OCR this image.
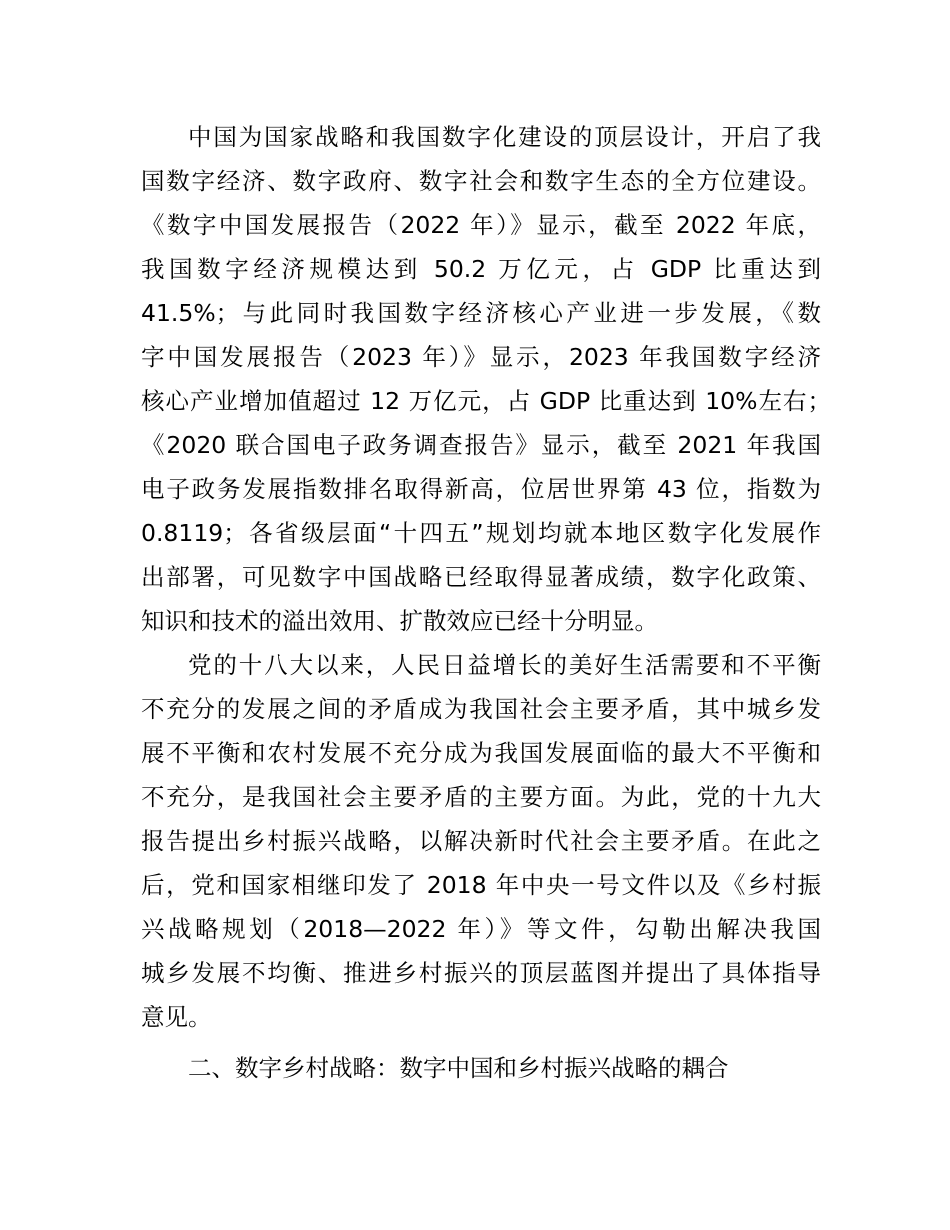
中国为国家战略和我国数字化建设的顶层设计，开启了我
国数字经济、数字政府、数字社会和数字生态的全方位建设。
《数字中国发展报告（2022 年）》显示，截至 2022 年底，
我国数字经济规模达到 50.2 万亿元，占 GDP 比重达到
41.5%；与此同时我国数字经济核心产业进一步发展，《数
字中国发展报告（2023 年）》显示，2023 年我国数字经济
核心产业增加值超过 12 万亿元，占 GDP 比重达到 10%左右；
《2020 联合国电子政务调查报告》显示，截至 2021 年我国
电子政务发展指数排名取得新高，位居世界第 43 位，指数为
0.8119；各省级层面“十四五”规划均就本地区数字化发展作
出部署，可见数字中国战略已经取得显著成绩，数字化政策、
知识和技术的溢出效用、扩散效应已经十分明显。
党的十八大以来，人民日益增长的美好生活需要和不平衡
不充分的发展之间的矛盾成为我国社会主要矛盾，其中城乡发
展不平衡和农村发展不充分成为我国发展面临的最大不平衡和
不充分，是我国社会主要矛盾的主要方面。为此，党的十九大
报告提出乡村振兴战略，以解决新时代社会主要矛盾。在此之
后，党和国家相继印发了 2018 年中央一号文件以及《乡村振
兴战略规划（2018—2022 年）》等文件，勾勒出解决我国
城乡发展不均衡、推进乡村振兴的顶层蓝图并提出了具体指导
意见。
二、数字乡村战略：数字中国和乡村振兴战略的耦合
